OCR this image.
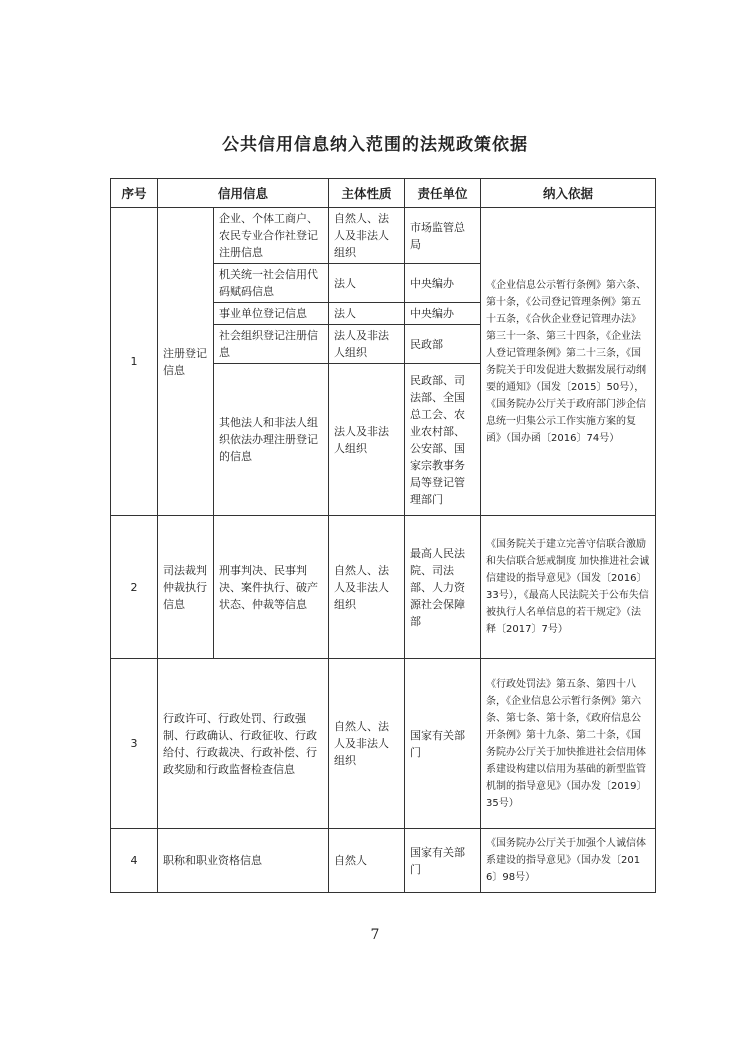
公共信用信息纳入范围的法规政策依据
序号	信用信息		主体性质	责任单位	纳入依据
1	注册登记信息	企业、个体工商户、农民专业合作社登记注册信息	自然人、法人及非法人组织	市场监管总局	《企业信息公示暂行条例》第六条、第十条，《公司登记管理条例》第五十五条，《合伙企业登记管理办法》第三十一条、第三十四条，《企业法人登记管理条例》第二十三条，《国务院关于印发促进大数据发展行动纲要的通知》（国发〔2015〕50号），《国务院办公厅关于政府部门涉企信息统一归集公示工作实施方案的复函》（国办函〔2016〕74号）
		机关统一社会信用代码赋码信息	法人	中央编办	
		事业单位登记信息	法人	中央编办	
		社会组织登记注册信息	法人及非法人组织	民政部	
		其他法人和非法人组织依法办理注册登记的信息	法人及非法人组织	民政部、司法部、全国总工会、农业农村部、公安部、国家宗教事务局等登记管理部门	
2	司法裁判仲裁执行信息	刑事判决、民事判决、案件执行、破产状态、仲裁等信息	自然人、法人及非法人组织	最高人民法院、司法部、人力资源社会保障部	《国务院关于建立完善守信联合激励和失信联合惩戒制度 加快推进社会诚信建设的指导意见》（国发〔2016〕33号），《最高人民法院关于公布失信被执行人名单信息的若干规定》（法释〔2017〕7号）
3	行政许可、行政处罚、行政强制、行政确认、行政征收、行政给付、行政裁决、行政补偿、行政奖励和行政监督检查信息		自然人、法人及非法人组织	国家有关部门	《行政处罚法》第五条、第四十八条，《企业信息公示暂行条例》第六条、第七条、第十条，《政府信息公开条例》第十九条、第二十条，《国务院办公厅关于加快推进社会信用体系建设构建以信用为基础的新型监管机制的指导意见》（国办发〔2019〕35号）
4	职称和职业资格信息		自然人	国家有关部门	《国务院办公厅关于加强个人诚信体系建设的指导意见》（国办发〔2016〕98号）
7
